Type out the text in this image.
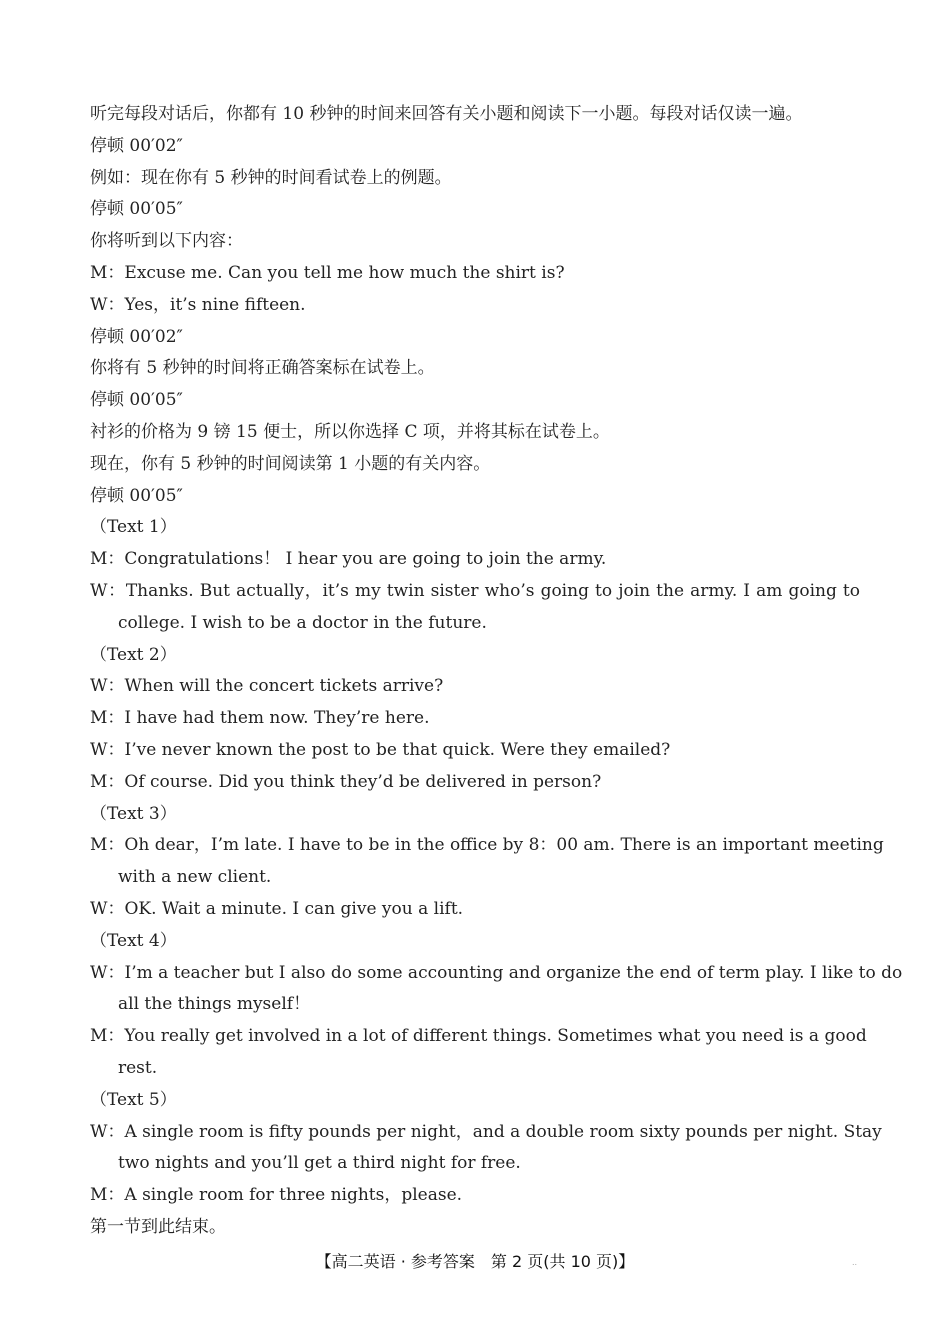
听完每段对话后，你都有 10 秒钟的时间来回答有关小题和阅读下一小题。每段对话仅读一遍。
停顿 00′02″
例如：现在你有 5 秒钟的时间看试卷上的例题。
停顿 00′05″
你将听到以下内容：
M：Excuse me. Can you tell me how much the shirt is?
W：Yes，it’s nine fifteen.
停顿 00′02″
你将有 5 秒钟的时间将正确答案标在试卷上。
停顿 00′05″
衬衫的价格为 9 镑 15 便士，所以你选择 C 项，并将其标在试卷上。
现在，你有 5 秒钟的时间阅读第 1 小题的有关内容。
停顿 00′05″
（Text 1）
M：Congratulations！ I hear you are going to join the army.
W：Thanks. But actually，it’s my twin sister who’s going to join the army. I am going to
college. I wish to be a doctor in the future.
（Text 2）
W：When will the concert tickets arrive?
M：I have had them now. They’re here.
W：I’ve never known the post to be that quick. Were they emailed?
M：Of course. Did you think they’d be delivered in person?
（Text 3）
M：Oh dear，I’m late. I have to be in the office by 8：00 am. There is an important meeting
with a new client.
W：OK. Wait a minute. I can give you a lift.
（Text 4）
W：I’m a teacher but I also do some accounting and organize the end of term play. I like to do
all the things myself！
M：You really get involved in a lot of different things. Sometimes what you need is a good
rest.
（Text 5）
W：A single room is fifty pounds per night，and a double room sixty pounds per night. Stay
two nights and you’ll get a third night for free.
M：A single room for three nights，please.
第一节到此结束。
【高二英语 · 参考答案　第 2 页(共 10 页)】	..
